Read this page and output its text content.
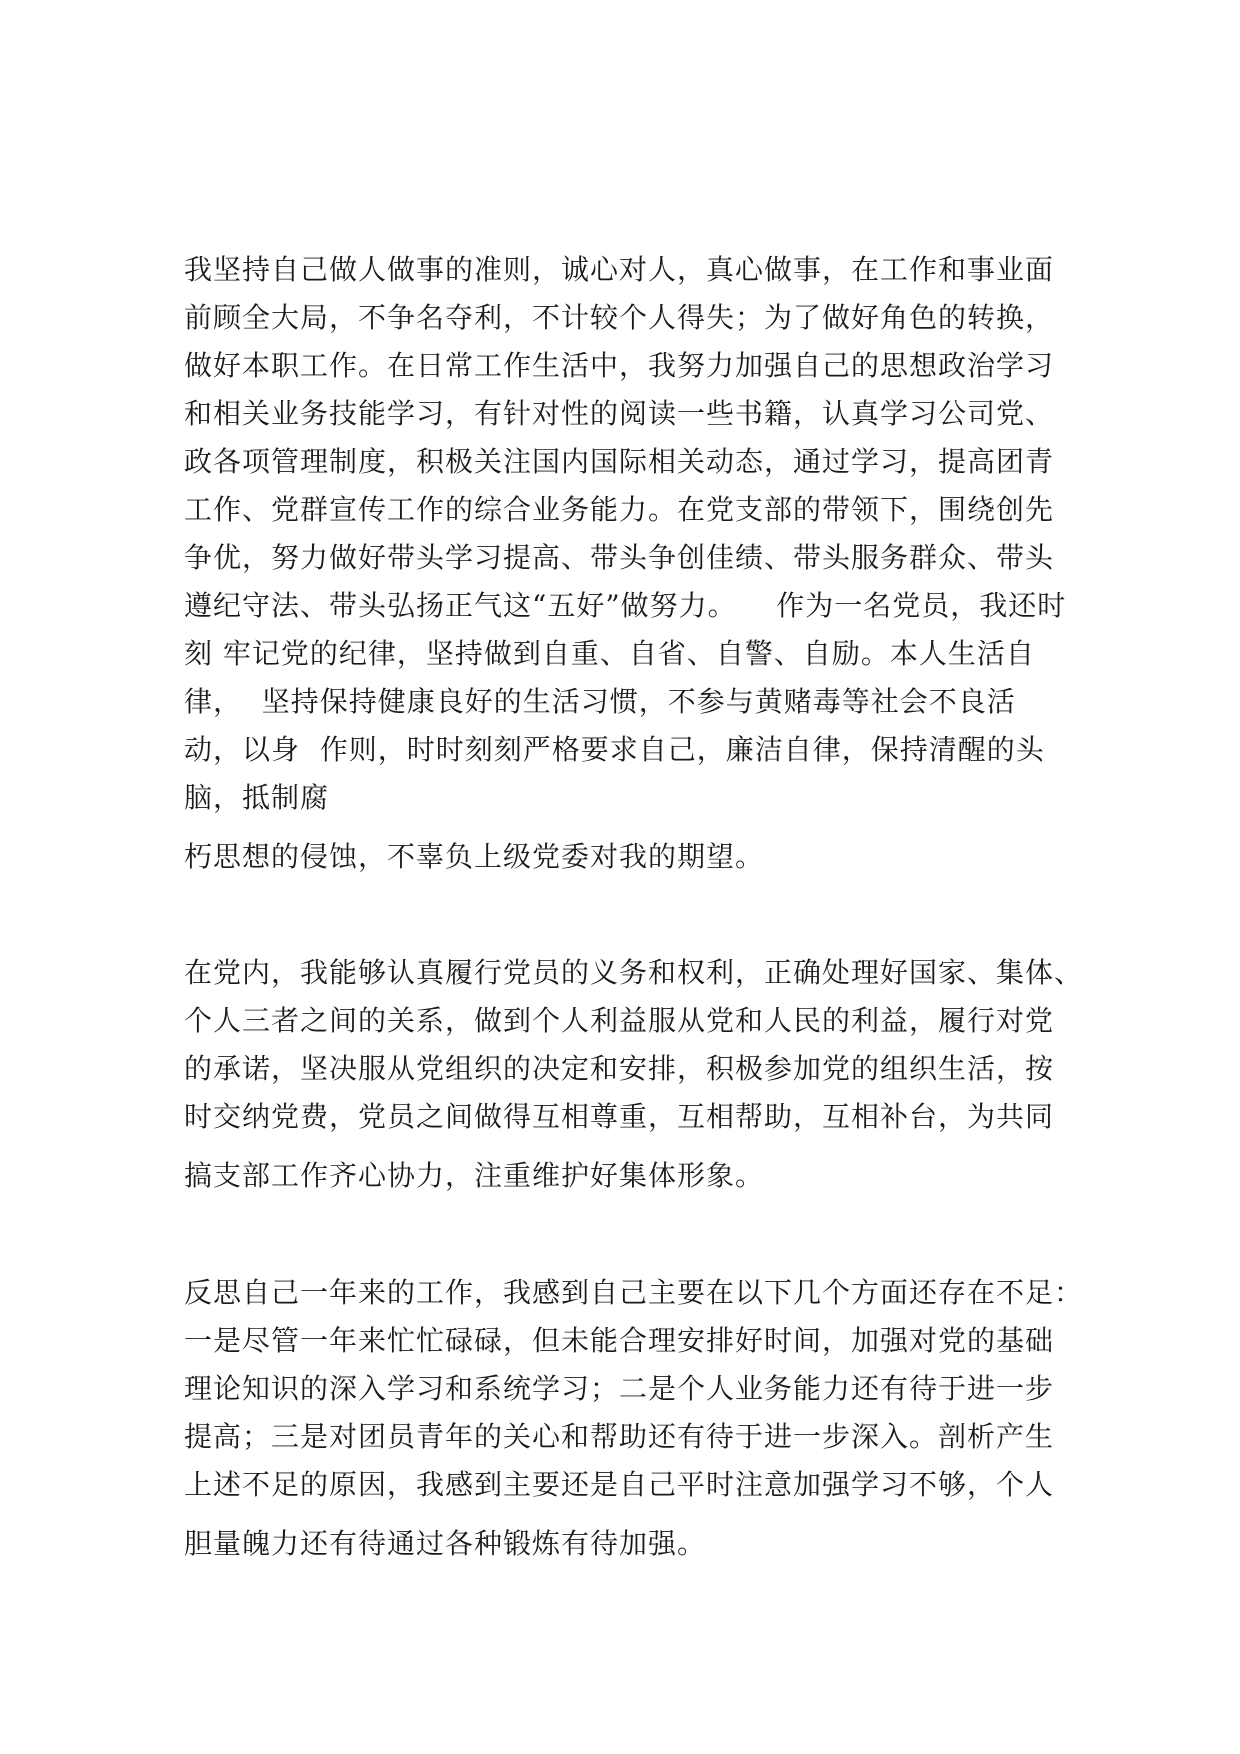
我坚持自己做人做事的准则，诚心对人，真心做事，在工作和事业面
前顾全大局，不争名夺利，不计较个人得失；为了做好角色的转换，
做好本职工作。在日常工作生活中，我努力加强自己的思想政治学习
和相关业务技能学习，有针对性的阅读一些书籍，认真学习公司党、
政各项管理制度，积极关注国内国际相关动态，通过学习，提高团青
工作、党群宣传工作的综合业务能力。在党支部的带领下，围绕创先
争优，努力做好带头学习提高、带头争创佳绩、带头服务群众、带头
遵纪守法、带头弘扬正气这“五好”做努力。    作为一名党员，我还时
刻 牢记党的纪律，坚持做到自重、自省、自警、自励。本人生活自
律，  坚持保持健康良好的生活习惯，不参与黄赌毒等社会不良活
动，以身  作则，时时刻刻严格要求自己，廉洁自律，保持清醒的头
脑，抵制腐
朽思想的侵蚀，不辜负上级党委对我的期望。
在党内，我能够认真履行党员的义务和权利，正确处理好国家、集体、
个人三者之间的关系，做到个人利益服从党和人民的利益，履行对党
的承诺，坚决服从党组织的决定和安排，积极参加党的组织生活，按
时交纳党费，党员之间做得互相尊重，互相帮助，互相补台，为共同
搞支部工作齐心协力，注重维护好集体形象。
反思自己一年来的工作，我感到自己主要在以下几个方面还存在不足：
一是尽管一年来忙忙碌碌，但未能合理安排好时间，加强对党的基础
理论知识的深入学习和系统学习；二是个人业务能力还有待于进一步
提高；三是对团员青年的关心和帮助还有待于进一步深入。剖析产生
上述不足的原因，我感到主要还是自己平时注意加强学习不够，个人
胆量魄力还有待通过各种锻炼有待加强。
